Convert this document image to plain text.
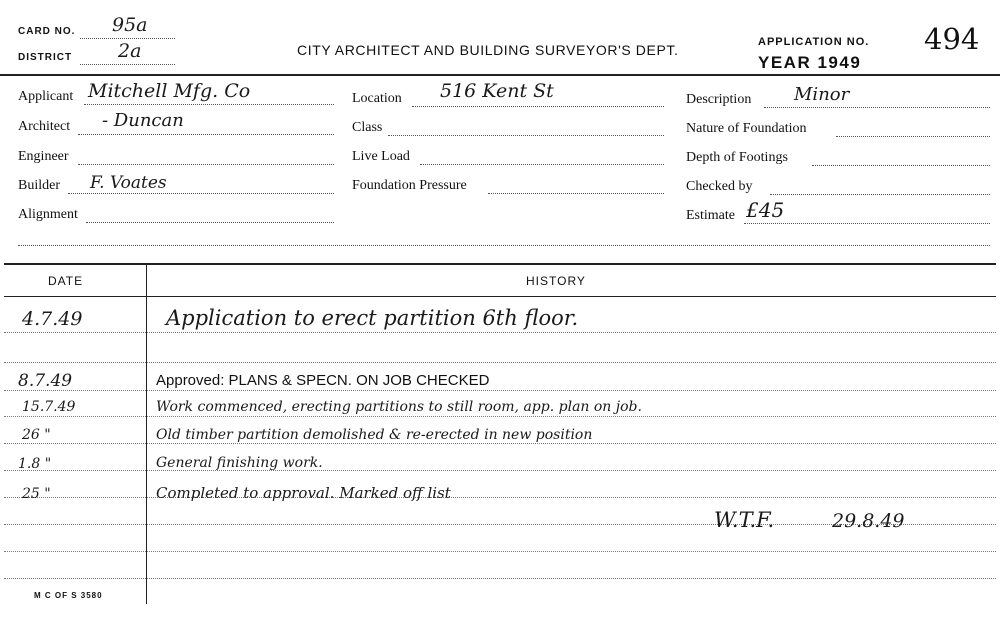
CARD NO. 95a
DISTRICT 2a	CITY ARCHITECT AND BUILDING SURVEYOR'S DEPT.	APPLICATION NO. 494
YEAR 1949
Applicant Mitchell Mfg. Co
Architect - Duncan
Engineer
Builder F. Voates
Alignment
Location 516 Kent St
Class
Live Load
Foundation Pressure
Description Minor
Nature of Foundation
Depth of Footings
Checked by
Estimate £45
DATE	HISTORY
4.7.49	Application to erect partition 6th floor.
8.7.49	Approved: PLANS & SPECN. ON JOB CHECKED
15.7.49	Work commenced, erecting partitions to still room, app. plan on job.
26 "	Old timber partition demolished & re-erected in new position
1.8 "	General finishing work.
25 "	Completed to approval. Marked off list
W.T.F.	29.8.49
M C OF S 3580
